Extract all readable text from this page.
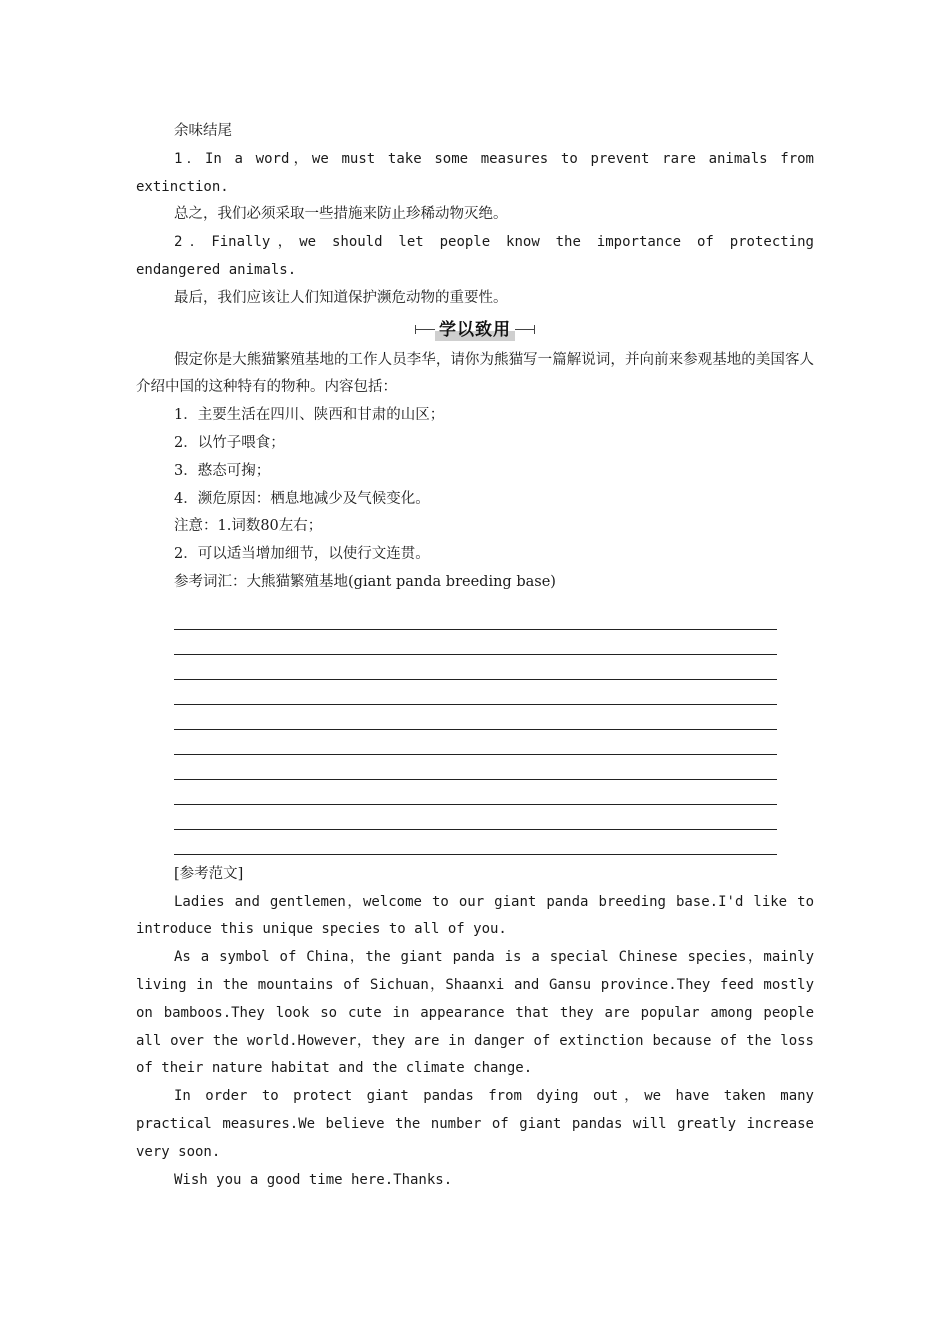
余味结尾

1．In a word，we must take some measures to prevent rare animals from extinction.

总之，我们必须采取一些措施来防止珍稀动物灭绝。

2．Finally，we should let people know the importance of protecting endangered animals.

最后，我们应该让人们知道保护濒危动物的重要性。

学以致用

假定你是大熊猫繁殖基地的工作人员李华，请你为熊猫写一篇解说词，并向前来参观基地的美国客人介绍中国的这种特有的物种。内容包括：

1．主要生活在四川、陕西和甘肃的山区；

2．以竹子喂食；

3．憨态可掬；

4．濒危原因：栖息地减少及气候变化。

注意：1.词数80左右；

2．可以适当增加细节，以使行文连贯。

参考词汇：大熊猫繁殖基地(giant panda breeding base)

[参考范文]

Ladies and gentlemen，welcome to our giant panda breeding base.I'd like to introduce this unique species to all of you.

As a symbol of China，the giant panda is a special Chinese species，mainly living in the mountains of Sichuan，Shaanxi and Gansu province.They feed mostly on bamboos.They look so cute in appearance that they are popular among people all over the world.However，they are in danger of extinction because of the loss of their nature habitat and the climate change.

In order to protect giant pandas from dying out，we have taken many practical measures.We believe the number of giant pandas will greatly increase very soon.

Wish you a good time here.Thanks.
